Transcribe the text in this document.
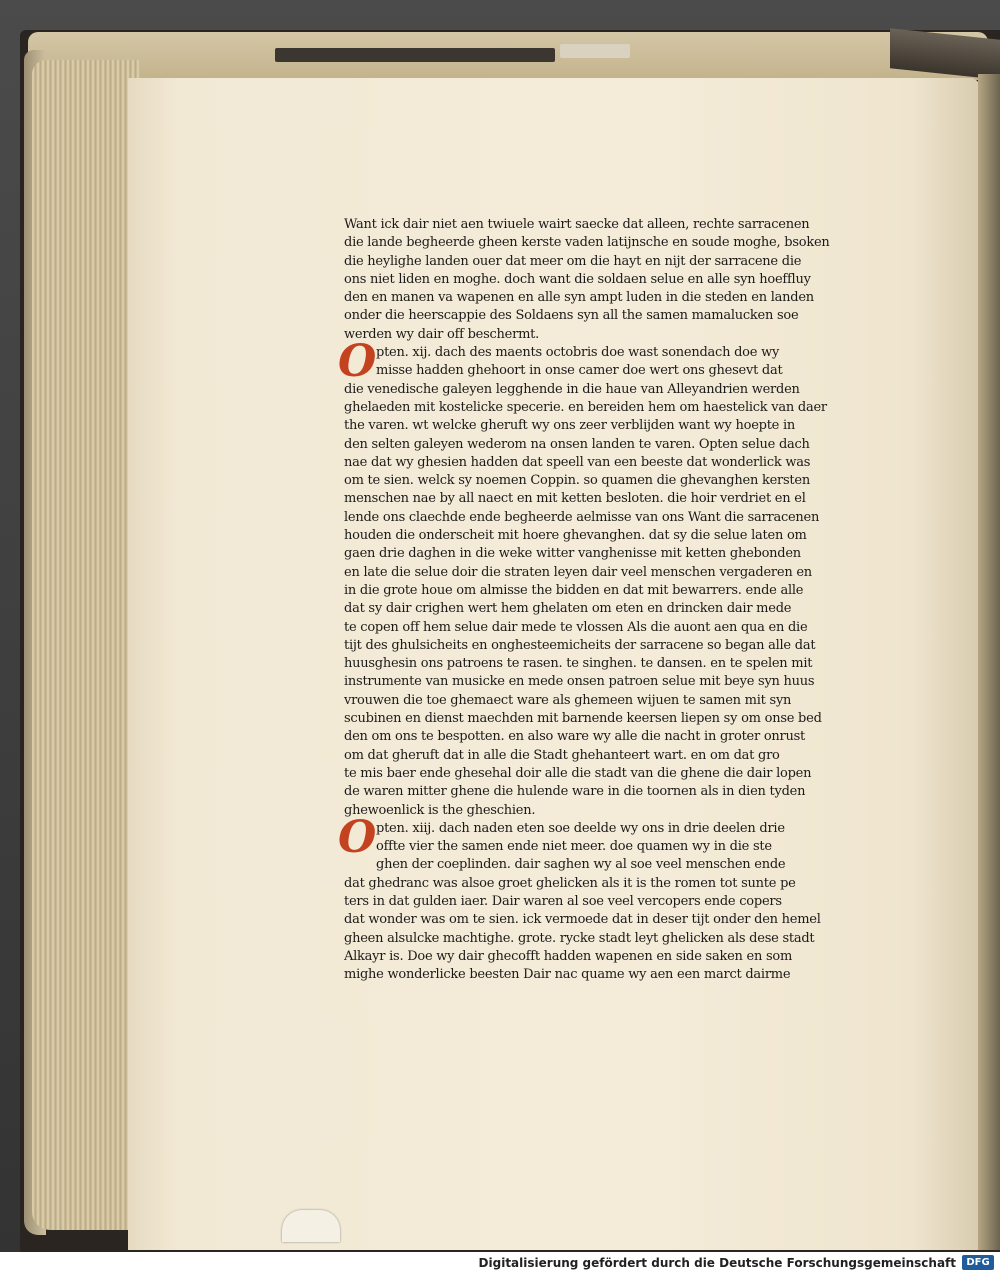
Want ick dair niet aen twiuele wairt saecke dat alleen, rechte sarracenen
die lande begheerde gheen kerste vaden latijnsche en soude moghe, bsoken
die heylighe landen ouer dat meer om die hayt en nijt der sarracene die
ons niet liden en moghe. doch want die soldaen selue en alle syn hoeffluy
den en manen va wapenen en alle syn ampt luden in die steden en landen
onder die heerscappie des Soldaens syn all the samen mamalucken soe
werden wy dair off beschermt.
O pten. xij. dach des maents octobris doe wast sonendach doe wy
misse hadden ghehoort in onse camer doe wert ons ghesevt dat
die venedische galeyen legghende in die haue van Alleyandrien werden
ghelaeden mit kostelicke specerie. en bereiden hem om haestelick van daer
the varen. wt welcke gheruft wy ons zeer verblijden want wy hoepte in
den selten galeyen wederom na onsen landen te varen. Opten selue dach
nae dat wy ghesien hadden dat speell van een beeste dat wonderlick was
om te sien. welck sy noemen Coppin. so quamen die ghevanghen kersten
menschen nae by all naect en mit ketten besloten. die hoir verdriet en el
lende ons claechde ende begheerde aelmisse van ons Want die sarracenen
houden die onderscheit mit hoere ghevanghen. dat sy die selue laten om
gaen drie daghen in die weke witter vanghenisse mit ketten ghebonden
en late die selue doir die straten leyen dair veel menschen vergaderen en
in die grote houe om almisse the bidden en dat mit bewarrers. ende alle
dat sy dair crighen wert hem ghelaten om eten en drincken dair mede
te copen off hem selue dair mede te vlossen Als die auont aen qua en die
tijt des ghulsicheits en onghesteemicheits der sarracene so began alle dat
huusghesin ons patroens te rasen. te singhen. te dansen. en te spelen mit
instrumente van musicke en mede onsen patroen selue mit beye syn huus
vrouwen die toe ghemaect ware als ghemeen wijuen te samen mit syn
scubinen en dienst maechden mit barnende keersen liepen sy om onse bed
den om ons te bespotten. en also ware wy alle die nacht in groter onrust
om dat gheruft dat in alle die Stadt ghehanteert wart. en om dat gro
te mis baer ende ghesehal doir alle die stadt van die ghene die dair lopen
de waren mitter ghene die hulende ware in die toornen als in dien tyden
ghewoenlick is the gheschien.
O pten. xiij. dach naden eten soe deelde wy ons in drie deelen drie
offte vier the samen ende niet meer. doe quamen wy in die ste
ghen der coeplinden. dair saghen wy al soe veel menschen ende
dat ghedranc was alsoe groet ghelicken als it is the romen tot sunte pe
ters in dat gulden iaer. Dair waren al soe veel vercopers ende copers
dat wonder was om te sien. ick vermoede dat in deser tijt onder den hemel
gheen alsulcke machtighe. grote. rycke stadt leyt ghelicken als dese stadt
Alkayr is. Doe wy dair ghecofft hadden wapenen en side saken en som
mighe wonderlicke beesten Dair nac quame wy aen een marct dairme
Digitalisierung gefördert durch die Deutsche Forschungsgemeinschaft	DFG
